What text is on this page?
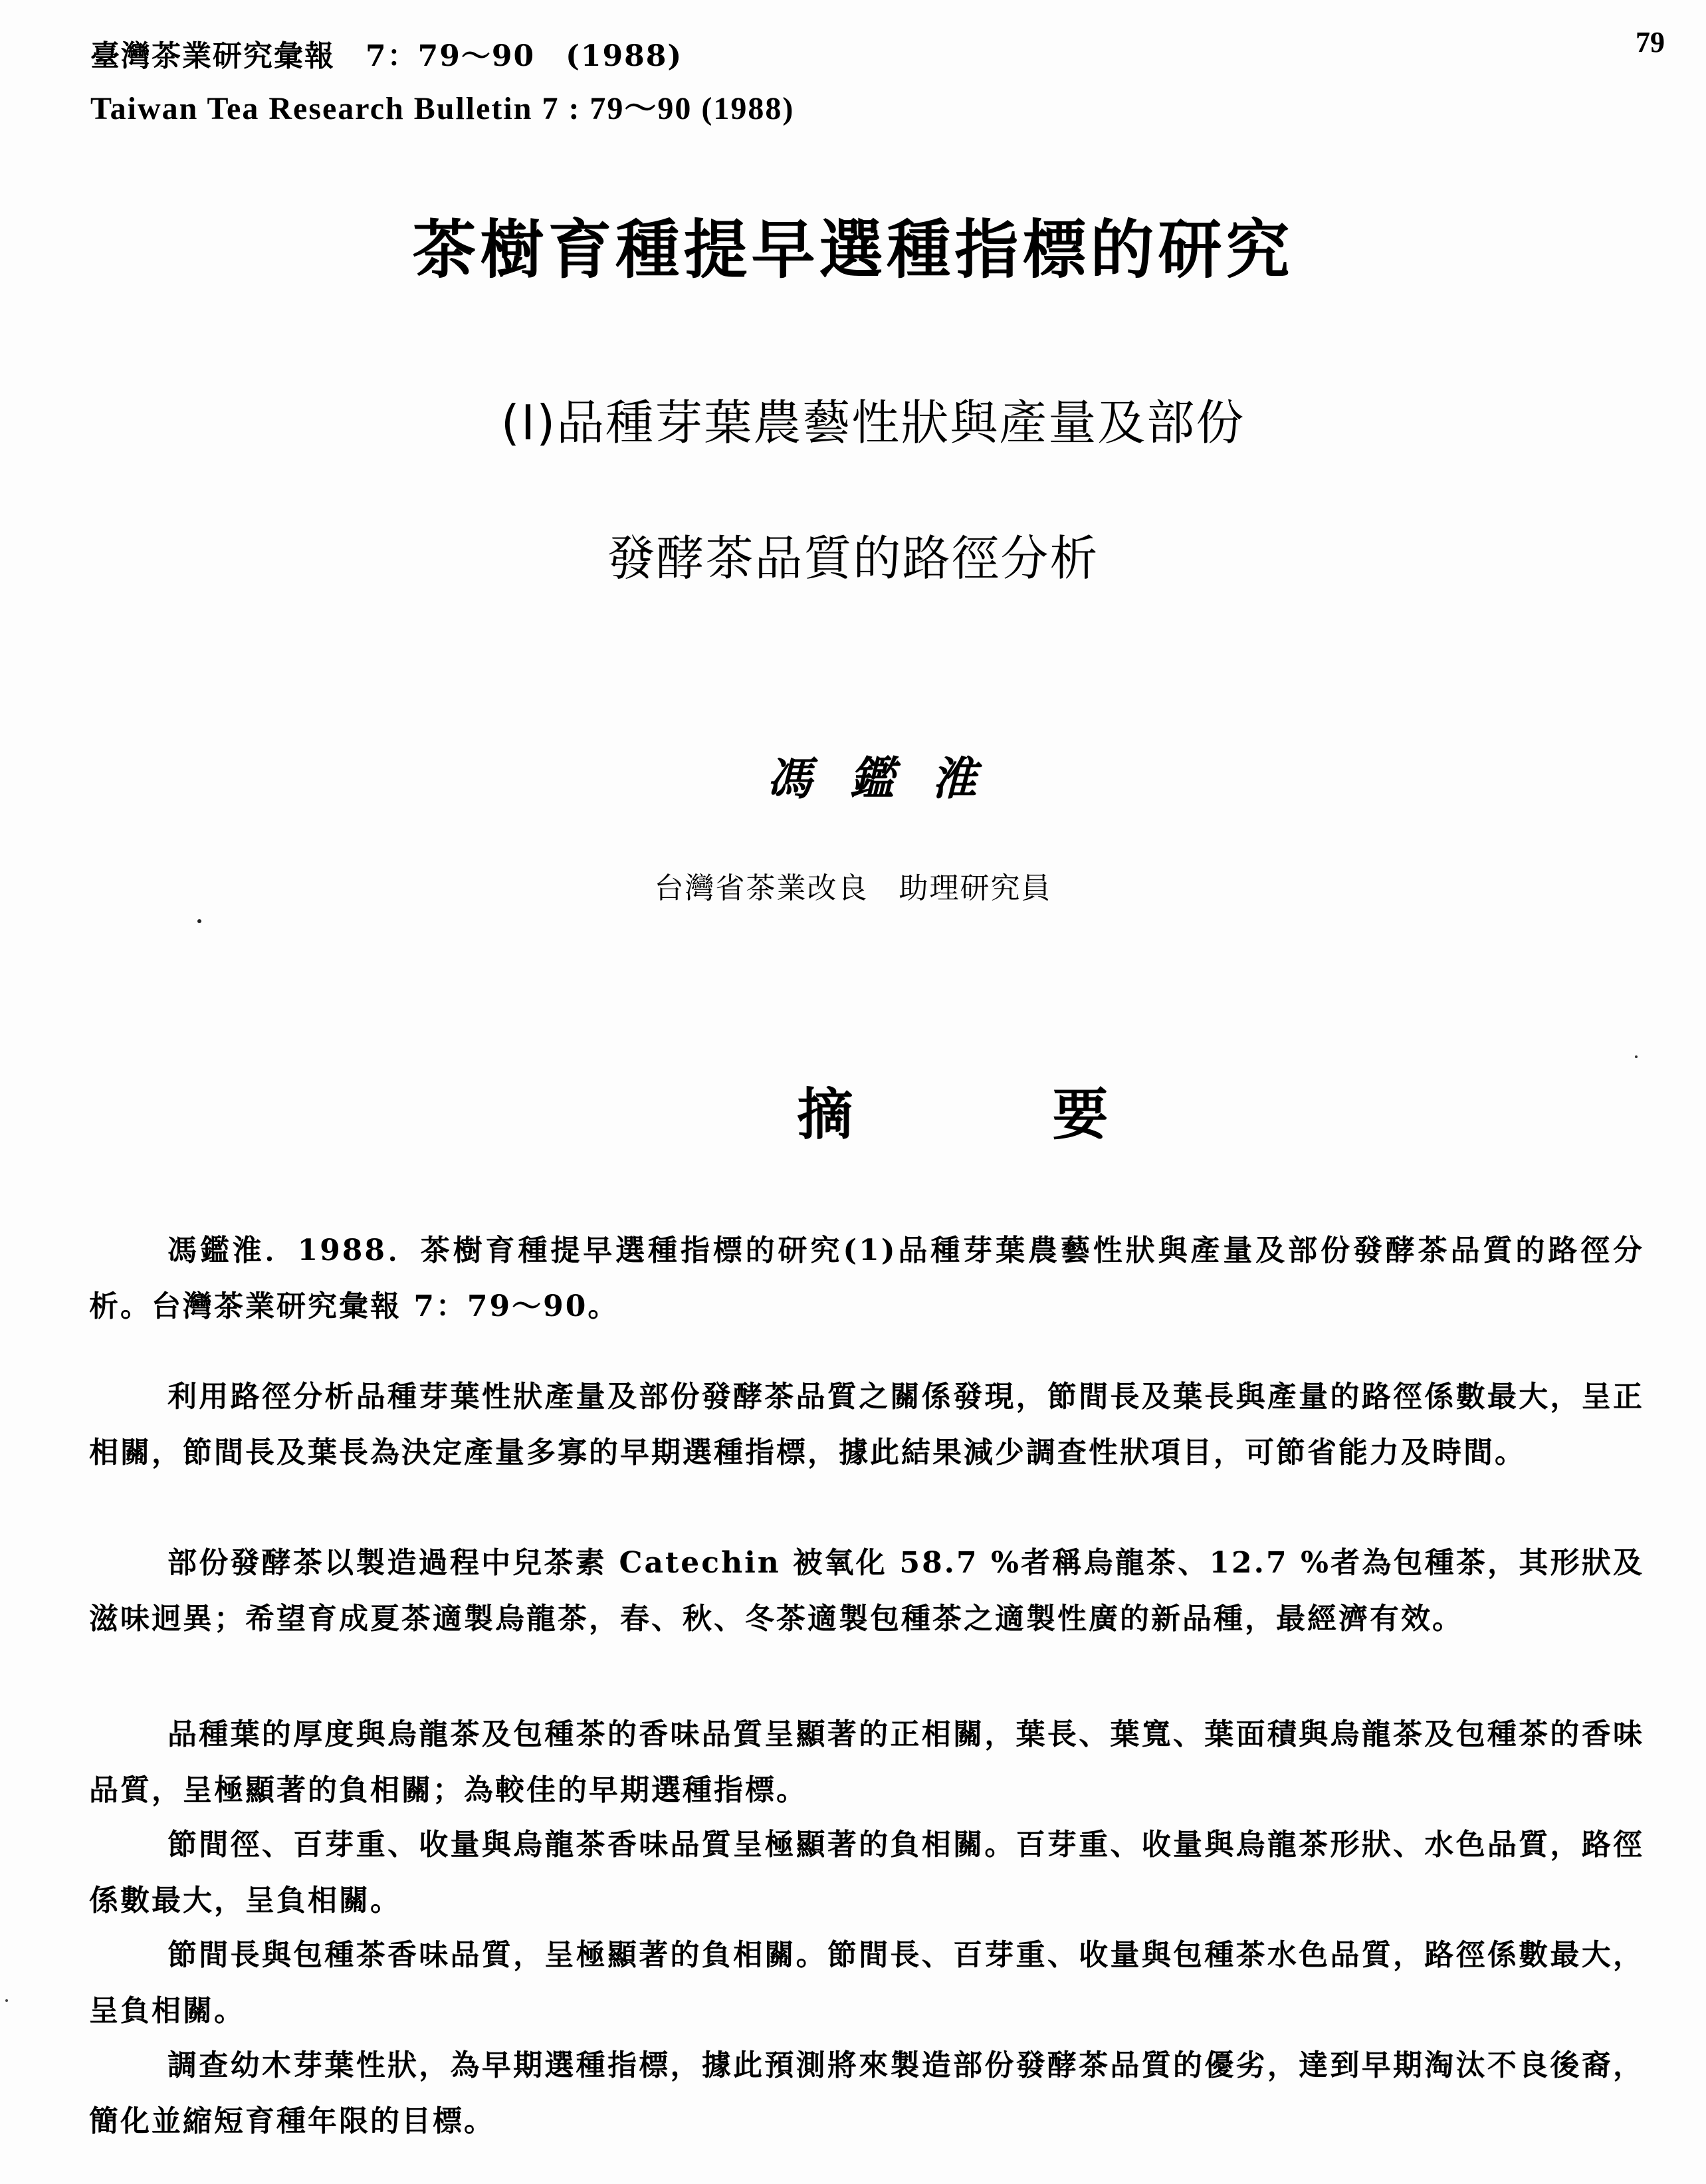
臺灣茶業研究彙報　7：79～90　(1988)
Taiwan Tea Research Bulletin 7 : 79～90 (1988)
79
茶樹育種提早選種指標的研究
(Ⅰ)品種芽葉農藝性狀與產量及部份
發酵茶品質的路徑分析
馮鑑淮
台灣省茶業改良　助理研究員
摘要

馮鑑淮．1988．茶樹育種提早選種指標的研究(1)品種芽葉農藝性狀與產量及部份發酵茶品質的路徑分析。台灣茶業研究彙報 7：79～90。

利用路徑分析品種芽葉性狀產量及部份發酵茶品質之關係發現，節間長及葉長與產量的路徑係數最大，呈正相關，節間長及葉長為決定產量多寡的早期選種指標，據此結果減少調查性狀項目，可節省能力及時間。

部份發酵茶以製造過程中兒茶素 Catechin 被氧化 58.7 %者稱烏龍茶、12.7 %者為包種茶，其形狀及滋味迥異；希望育成夏茶適製烏龍茶，春、秋、冬茶適製包種茶之適製性廣的新品種，最經濟有效。

品種葉的厚度與烏龍茶及包種茶的香味品質呈顯著的正相關，葉長、葉寬、葉面積與烏龍茶及包種茶的香味品質，呈極顯著的負相關；為較佳的早期選種指標。

節間徑、百芽重、收量與烏龍茶香味品質呈極顯著的負相關。百芽重、收量與烏龍茶形狀、水色品質，路徑係數最大，呈負相關。

節間長與包種茶香味品質，呈極顯著的負相關。節間長、百芽重、收量與包種茶水色品質，路徑係數最大，呈負相關。

調查幼木芽葉性狀，為早期選種指標，據此預測將來製造部份發酵茶品質的優劣，達到早期淘汰不良後裔，簡化並縮短育種年限的目標。
